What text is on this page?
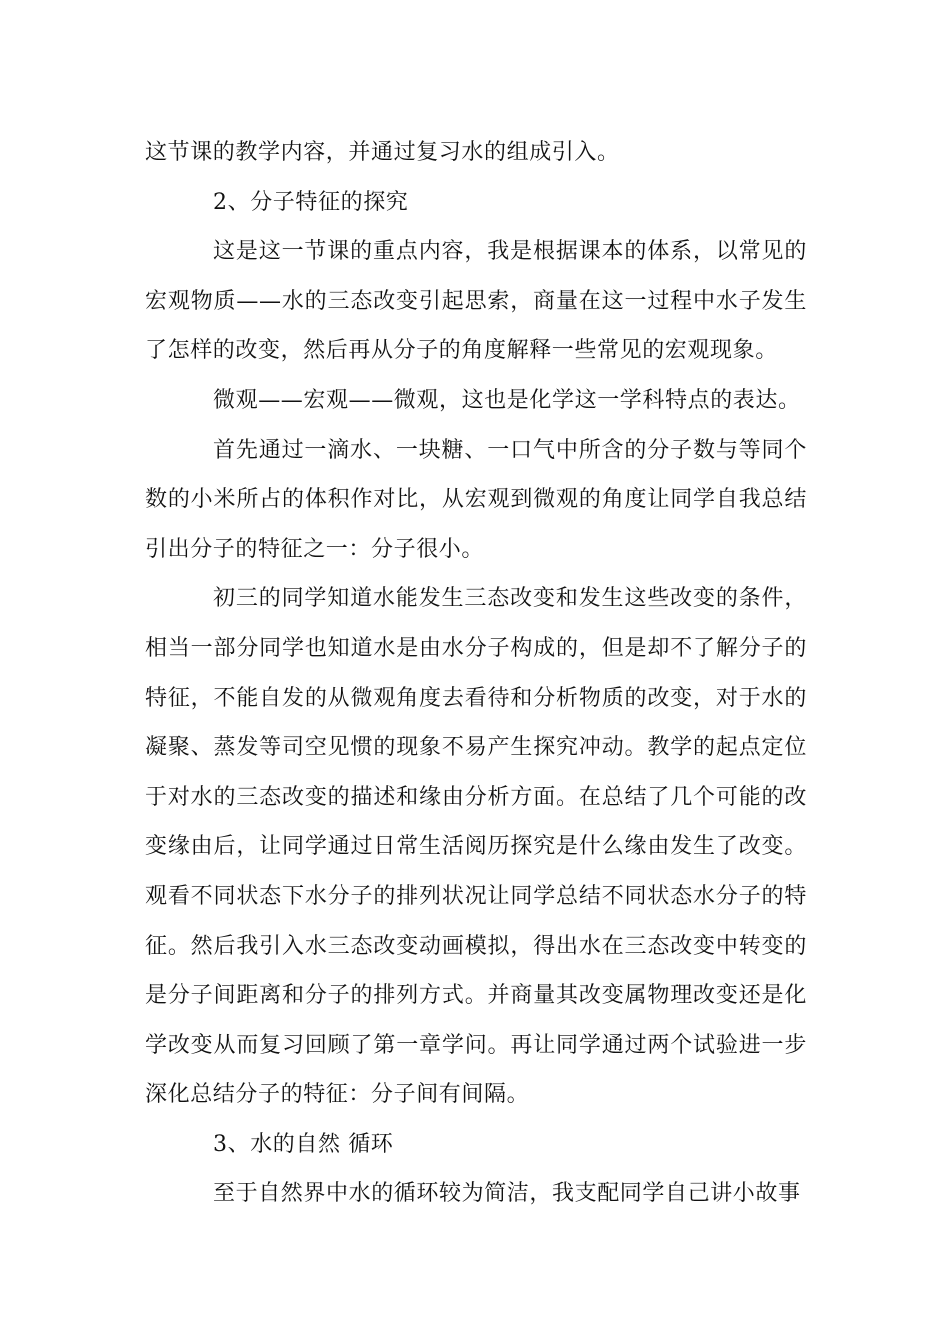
这节课的教学内容，并通过复习水的组成引入。

2、分子特征的探究

这是这一节课的重点内容，我是根据课本的体系，以常见的宏观物质——水的三态改变引起思索，商量在这一过程中水子发生了怎样的改变，然后再从分子的角度解释一些常见的宏观现象。

微观——宏观——微观，这也是化学这一学科特点的表达。

首先通过一滴水、一块糖、一口气中所含的分子数与等同个数的小米所占的体积作对比，从宏观到微观的角度让同学自我总结引出分子的特征之一：分子很小。

初三的同学知道水能发生三态改变和发生这些改变的条件，相当一部分同学也知道水是由水分子构成的，但是却不了解分子的特征，不能自发的从微观角度去看待和分析物质的改变，对于水的凝聚、蒸发等司空见惯的现象不易产生探究冲动。教学的起点定位于对水的三态改变的描述和缘由分析方面。在总结了几个可能的改变缘由后，让同学通过日常生活阅历探究是什么缘由发生了改变。观看不同状态下水分子的排列状况让同学总结不同状态水分子的特征。然后我引入水三态改变动画模拟，得出水在三态改变中转变的是分子间距离和分子的排列方式。并商量其改变属物理改变还是化学改变从而复习回顾了第一章学问。再让同学通过两个试验进一步深化总结分子的特征：分子间有间隔。

3、水的自然 循环

至于自然界中水的循环较为简洁，我支配同学自己讲小故事
